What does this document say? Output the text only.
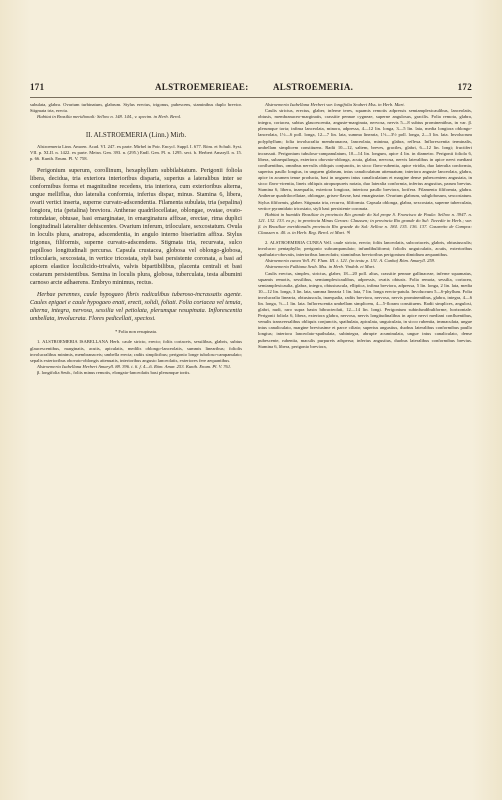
171	ALSTROEMERIEAE:	ALSTROEMERIA.	172

subulata, glabra. Ovarium turbinatum, glabrum. Stylus erectus, trigonus, pubescens, staminibus duplo brevior. Stigmata tria, erecta.

Habitat in Brasilia meridionali: Sellow n. 148. 144., v. specim. in Herb. Berol.

II. ALSTROEMERIA (Linn.) Mirb.

Alstroemeria Linn. Amoen. Acad. VI. 247. ex parte. Mirbel in Poir. Encycl. Suppl. I. 677. Röm. et Schult. Syst. VII. p. XLII. n. 1422. ex parte. Meisn. Gen. 393. n. (295.) Endl. Gen. Pl. n. 1295. sect. b. Herbert Amaryll. n. 15. p. 66. Kunth. Enum. Pl. V. 758.

Perigonium superum, corollinum, hexaphyllum subbilabiatum. Perigonii foliola libera, decidua, tria exteriora interioribus disparia, superius a lateralibus inter se conformibus forma et magnitudine recedens, tria interiora, cum exterioribus alterna, unguе mellifluа, duo lateralia conformia, inferius dispar, minus. Stamina 6, libera, ovarii vertici inserta, superne curvato-adscendentia. Filamenta subulata, tria (sepalina) longiora, tria (petalina) breviora. Antherae quadrilocellatae, oblongae, ovatae, ovato-rotundatae, obtusae, basi emarginatae, in emarginatura affixae, erectae, rima duplici longitudinali lateraliter dehiscentes. Ovarium inferum, triloculare, sexcostatum. Ovula in loculis plura, anatropa, adscendentia, in angulo interno biseriatim affixa. Stylus trigonus, filiformis, superne curvato-adscendens. Stigmata tria, recurvata, sulco papilloso longitudinali percursa. Capsula crustacea, globosa vel oblongo-globosa, trilocularis, sexcostata, in vertice tricostata, styli basi persistente coronata, a basi ad apicem elastice loculicido-trivalvis, valvis bipartibilibus, placenta centrali et basi costarum persistentibus. Semina in loculis plura, globosa, tuberculata, testa albumini carnoso arcte adhaerens. Embryo minimus, rectus.

Herbae perennes, caule hypogaeo fibris radicalibus tuberoso-incrassatis agente. Caules epigaei e caule hypogaeo enati, erecti, solidi, foliati. Folia coriacea vel tenuia, alterna, integra, nervosa, sessilia vel petiolata, plerumque resupinata. Inflorescentia umbellata, involucrata. Flores pedicellati, speciosi.

* Folia non resupinata.

1. ALSTROEMERIA ISABELLANA Herb. caule stricto, erecto; foliis coriaceis, sessilibus, glabris, subtus glaucescentibus, marginatis, acutis, apiculatis, medilis oblongo-lanceolatis, summis linearibus; foliolis involucralibus minimis, membranaceis; umbella erecta; radiis simplicibus; perigonio longe tuboloso-campanulato; sepalis exterioribus obovato-oblongis attenuatis, interioribus angusto lanceolatis, exteriores fere aequantibus.

Alstroemeria Isabellana Herbert Amaryll. 88. 396. t. 6. f. 4—6. Röm. Amar. 253. Kunth. Enum. Pl. V. 761.

β. longifolia Seub., foliis minus remotis, elongato-lanceolatis basi plerumque tortis.

Alstroemeria Isabellana Herbert var. longifolia Seubert Mss. in Herb. Mart.

Caulis strictus, erectus, glaber, inferne teres, squamis remotis adpressis semiamplexicaulibus, lanceolatis, obtusis, membranaceo-marginatis, crassitie pennae cygneae, superne angulosus, gracilis. Folia remota, glabra, integra, coriacea, subtus glaucescentia, anguste-marginata, nervosa, nervis 5—8 subtus prominentibus, in var. β. plerumque tortа; infima lanceolata, minora, adpressa, 4—12 lin. longa, 3—5 lin. lata, media longiora oblongo-lanceolata, 1½—6 poll. longa, 12—7 lin. lata, summa linearia, 1½—3½ poll. longa, 2—3 lin. lata. Involucrum polyphyllum; folia involucralia membranacea, lanceolata, minima, glabra, reflexa. Inflorescentia terminalis, umbellam simplicem constituens. Radii 10—12, saltem, breves, graciles, glabri, 6—12 lin. longi; fructiferi incrassati. Perigonium tubuloso-campanulatum, 10—14 lin. longum, apice 4 lin. in diametro. Perigonii foliola 6, libera, subaequilonga, exteriora obovato-oblonga, acuta, glabra, nervosa, nervis lateralibus in apice nervi mediani confluentibus, omnibus nervulis obliquis conjunctis, in sicco flavo-rubentia, apice viridia, duo lateralia conformia, superius paullo longius, in unguem glabrum, intus canaliculatum attenuatum; interiora anguste lanceolata, glabra, apice in acumen tenue producta, basi in unguem intus canaliculatum et margine dense pubescentem angustata, in sicco flavo-virentia, lineis obliquis atropurpureis notata, duo lateralia conformia, inferius angustius, parum brevius. Stamina 6, libera, inaequalia, exteriora longiora, interiora paullo breviora, lorifera. Filamenta filiformia, glabra. Antherae quadrilocellatae, oblongae, griseo-flavae, basi emarginatae. Ovarium glabrum, subglobosum, sexcostatum. Stylus filiformis, glaber. Stigmata tria, recurva, filiformia. Capsula oblonga, glabra, sexcostata, superne tuberculata, vertice pyramidato tricostato, styli basi persistente coronata.

Habitat in humidis Brasiliae in provincia Rio grande do Sul prope S. Francisco de Paula: Sellow n. 3947. n. 121. 132. 133. ex p.; in provincia Minas Geraes: Claussen; in provincia Rio grande do Sul: Tweedie in Herb.; var. β. in Brasiliae meridionalis provincia Rio grande do Sul: Sellow n. 184. 135. 136. 137. Casaretto de Campos: Claussen n. 40. a. in Herb. Reg. Berol. et Mart. ♃

2. ALSTROEMERIA CUNEA Vell. caule stricto, erecto; foliis lanceolatis, subcoriaceis, glabris, obtusiusculis; involucro pentaphyllo; perigonio subcampanulato; infundibuliformi; foliolis unguiculatis, acutis, exterioribus spathulato-obovatis, interioribus lanceolatis; staminibus brevioribus perigonium dimidium aequantibus.

Alstroemeria cunea Vell. Fl. Flum. III. t. 121. (in textu p. 131. A. Cunha) Röm. Amaryll. 259.

Alstroemeria Fulkiana Seub. Mss. in Herb. Vindob. et Mart.

Caulis erectus, simplex, strictus, glaber, 18—20 poll. altus, crassitie pennae gallinaceae, inferne squamatus, squamis remotis, sessilibus, semiamplexicaulibus, adpressis, ovatis obtusis. Folia remota, sessilia, coriacea, semiamplexicaulia, glabra, integra, obtusiuscula, elliptica, infima breviora, adpressa, 5 lin. longa, 2 lin. lata, media 10—12 lin. longa, 3 lin. lata, summa linearia 1 lin. lata, 7 lin. longa erecto-patula. Involucrum 5—6-phyllum. Folia involucralia linearia, obtusiuscula, inaequalia, radiis breviora, nervosa, nervis prominentibus, glabra, integra, 4—6 lin. longa, ½—1 lin. lata. Inflorescentia umbellam simplicem, 4—5-floram constituens. Radii simplices, angulosi, glabri, nudi, raro supra basin bibracteolati, 12—14 lin. longi. Perigonium subinfundibuliforme, horizontale. Perigonii foliola 6, libera, exteriora glabra, nervosa, nervis longitudinalibus in apice nervi mediani confluentibus, venulis transversalibus obliquis conjunctis, spathulata, apiculata, unguiculata, in sicco rubentia, immaculata, ungue intus canaliculato, margine breviusime et parce ciliato; superius angustius, duobus lateralibus conformibus paullo longius; interiora lanceolato-spathulata, subintegra, abrupte acuminulata, ungue intus canaliculato, dense pubescente, rubentia, maculis purpureis adspersa; inferius angustius, duobus lateralibus conformibus brevius. Stamina 6, libera, perigonio breviora,
